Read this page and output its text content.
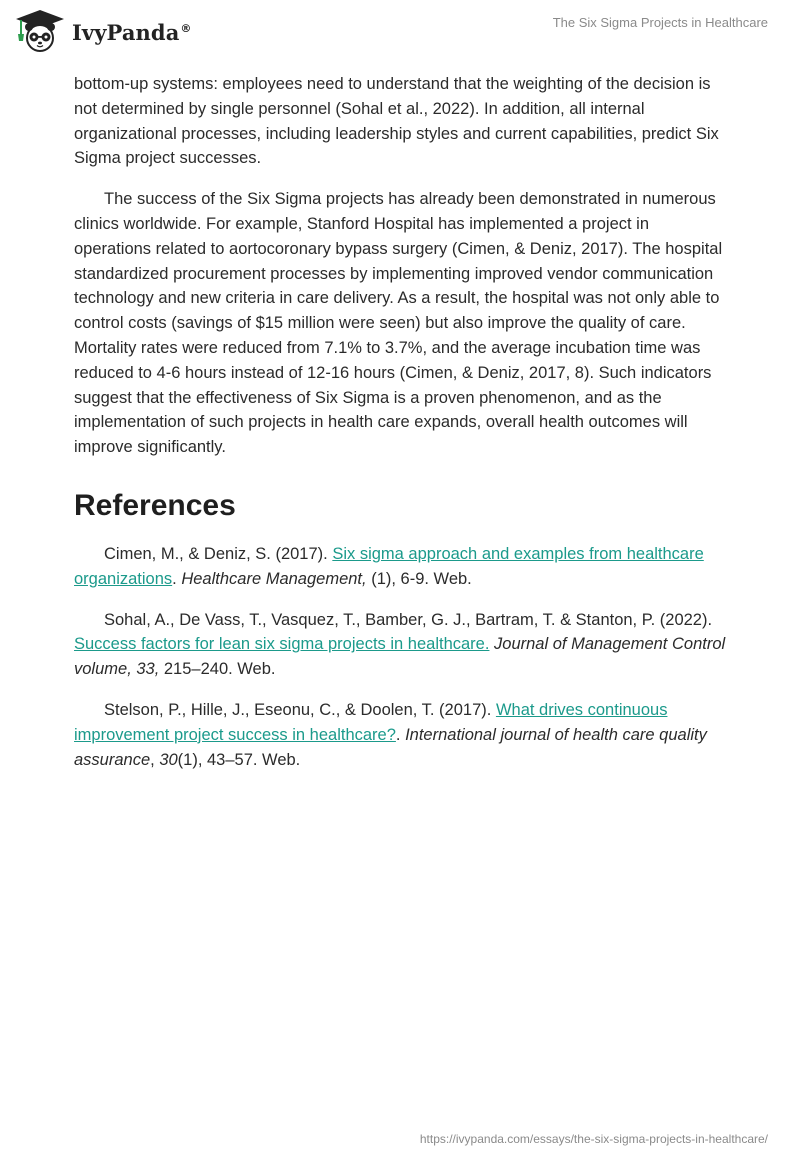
IvyPanda®	The Six Sigma Projects in Healthcare

bottom-up systems: employees need to understand that the weighting of the decision is not determined by single personnel (Sohal et al., 2022). In addition, all internal organizational processes, including leadership styles and current capabilities, predict Six Sigma project successes.

The success of the Six Sigma projects has already been demonstrated in numerous clinics worldwide. For example, Stanford Hospital has implemented a project in operations related to aortocoronary bypass surgery (Cimen, & Deniz, 2017). The hospital standardized procurement processes by implementing improved vendor communication technology and new criteria in care delivery. As a result, the hospital was not only able to control costs (savings of $15 million were seen) but also improve the quality of care. Mortality rates were reduced from 7.1% to 3.7%, and the average incubation time was reduced to 4-6 hours instead of 12-16 hours (Cimen, & Deniz, 2017, 8). Such indicators suggest that the effectiveness of Six Sigma is a proven phenomenon, and as the implementation of such projects in health care expands, overall health outcomes will improve significantly.

References

Cimen, M., & Deniz, S. (2017). Six sigma approach and examples from healthcare organizations. Healthcare Management, (1), 6-9. Web.

Sohal, A., De Vass, T., Vasquez, T., Bamber, G. J., Bartram, T. & Stanton, P. (2022). Success factors for lean six sigma projects in healthcare. Journal of Management Control volume, 33, 215–240. Web.

Stelson, P., Hille, J., Eseonu, C., & Doolen, T. (2017). What drives continuous improvement project success in healthcare?. International journal of health care quality assurance, 30(1), 43–57. Web.

https://ivypanda.com/essays/the-six-sigma-projects-in-healthcare/
